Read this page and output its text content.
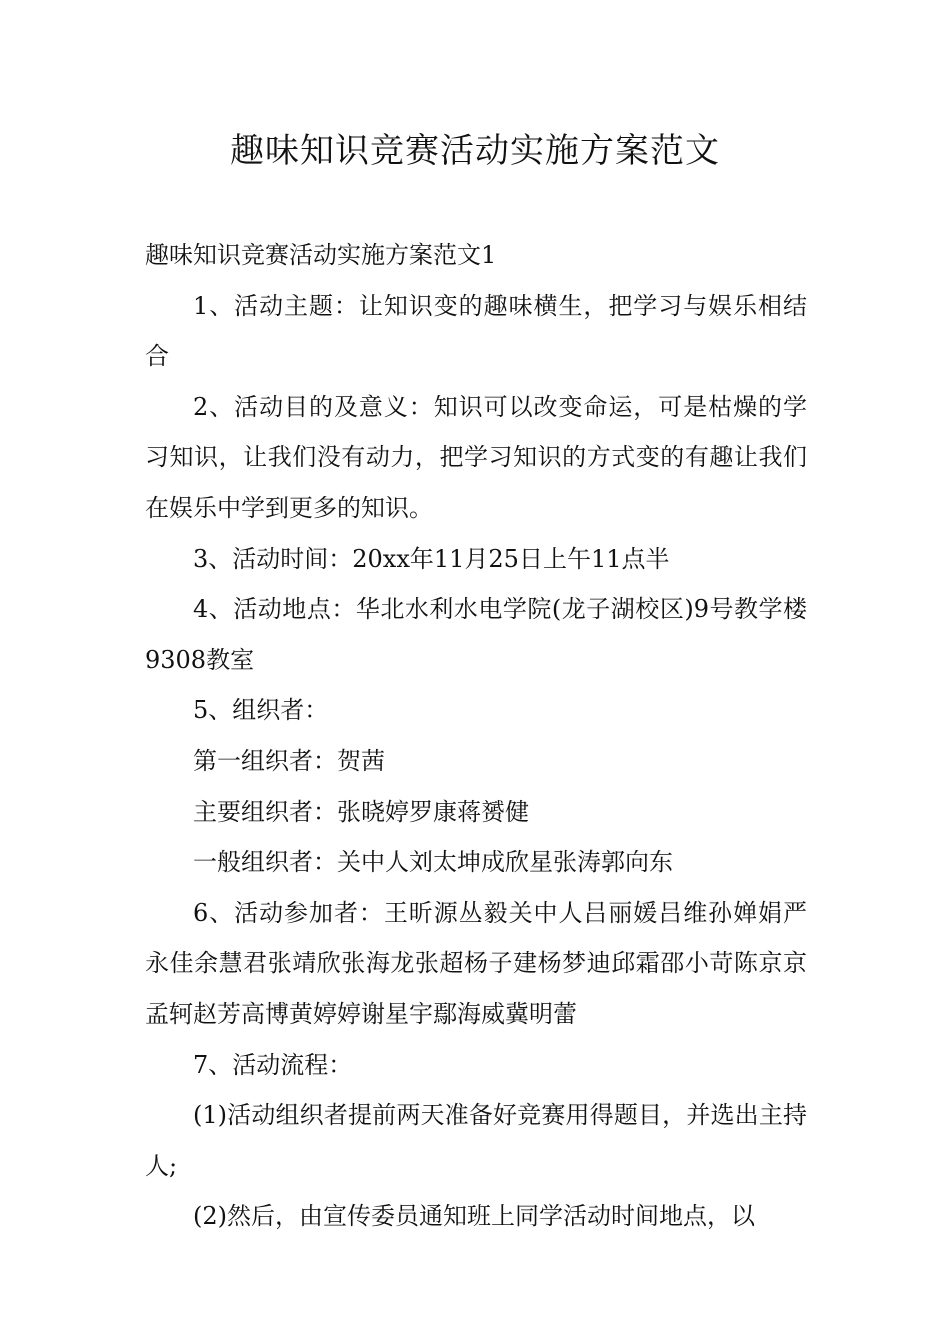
趣味知识竞赛活动实施方案范文

趣味知识竞赛活动实施方案范文1

1、活动主题：让知识变的趣味横生，把学习与娱乐相结合

2、活动目的及意义：知识可以改变命运，可是枯燥的学习知识，让我们没有动力，把学习知识的方式变的有趣让我们在娱乐中学到更多的知识。

3、活动时间：20xx年11月25日上午11点半

4、活动地点：华北水利水电学院(龙子湖校区)9号教学楼9308教室

5、组织者：

第一组织者：贺茜

主要组织者：张晓婷罗康蒋赟健

一般组织者：关中人刘太坤成欣星张涛郭向东

6、活动参加者：王昕源丛毅关中人吕丽媛吕维孙婵娟严永佳余慧君张靖欣张海龙张超杨子建杨梦迪邱霜邵小苛陈京京孟轲赵芳高博黄婷婷谢星宇鄢海威冀明蕾

7、活动流程：

(1)活动组织者提前两天准备好竞赛用得题目，并选出主持人;

(2)然后，由宣传委员通知班上同学活动时间地点，以
